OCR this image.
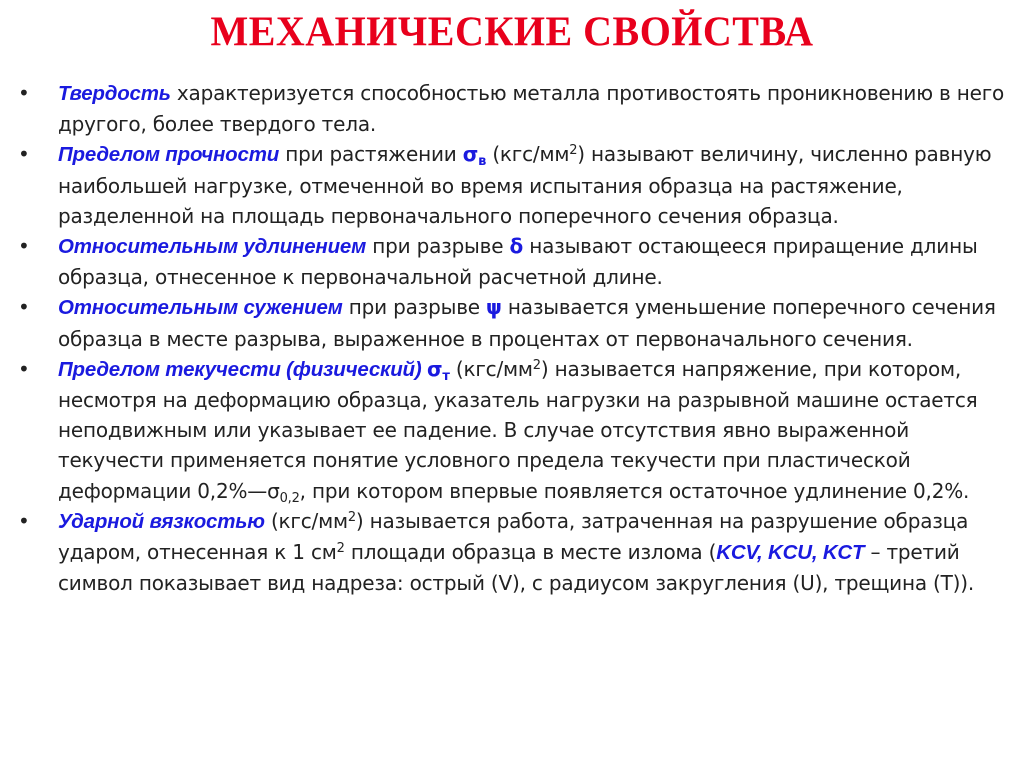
МЕХАНИЧЕСКИЕ СВОЙСТВА
• Твердость характеризуется способностью металла противостоять проникновению в него другого, более твердого тела.
• Пределом прочности при растяжении $\sigma_в$ $(кгс/мм^2)$ называют величину, численно равную наибольшей нагрузке, отмеченной во время испытания образца на растяжение, разделенной на площадь первоначального поперечного сечения образца.
• Относительным удлинением при разрыве δ называют остающееся приращение длины образца, отнесенное к первоначальной расчетной длине.
• Относительным сужением при разрыве ψ называется уменьшение поперечного сечения образца в месте разрыва, выраженное в процентах от первоначального сечения.
• Пределом текучести (физический) $\sigma_т$ $(кгс/мм^2)$ называется напряжение, при котором, несмотря на деформацию образца, указатель нагрузки на разрывной машине остается неподвижным или указывает ее падение. В случае отсутствия явно выраженной текучести применяется понятие условного предела текучести при пластической деформации $0,2\%—\sigma_{0,2}$, при котором впервые появляется остаточное удлинение 0,2%.
• Ударной вязкостью $(кгс/мм^2)$ называется работа, затраченная на разрушение образца ударом, отнесенная к 1 $см^2$ площади образца в месте излома (KCV, KCU, KCT – третий символ показывает вид надреза: острый (V), с радиусом закругления (U), трещина (T)).
